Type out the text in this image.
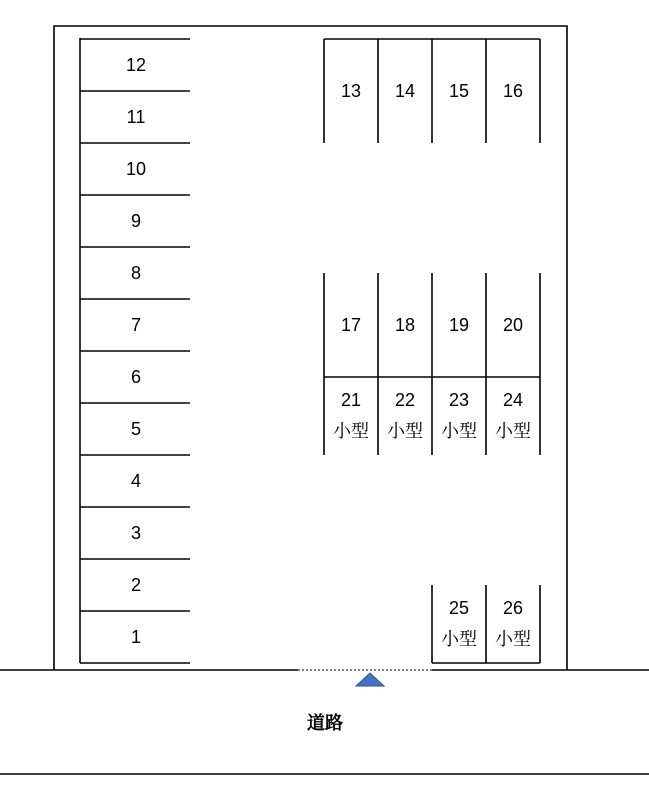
12
11
10
9
8
7
6
5
4
3
2
1
13 14 15 16
17 18 19 20
21 22 23 24
小型 小型 小型 小型
25 26
小型 小型
道路
